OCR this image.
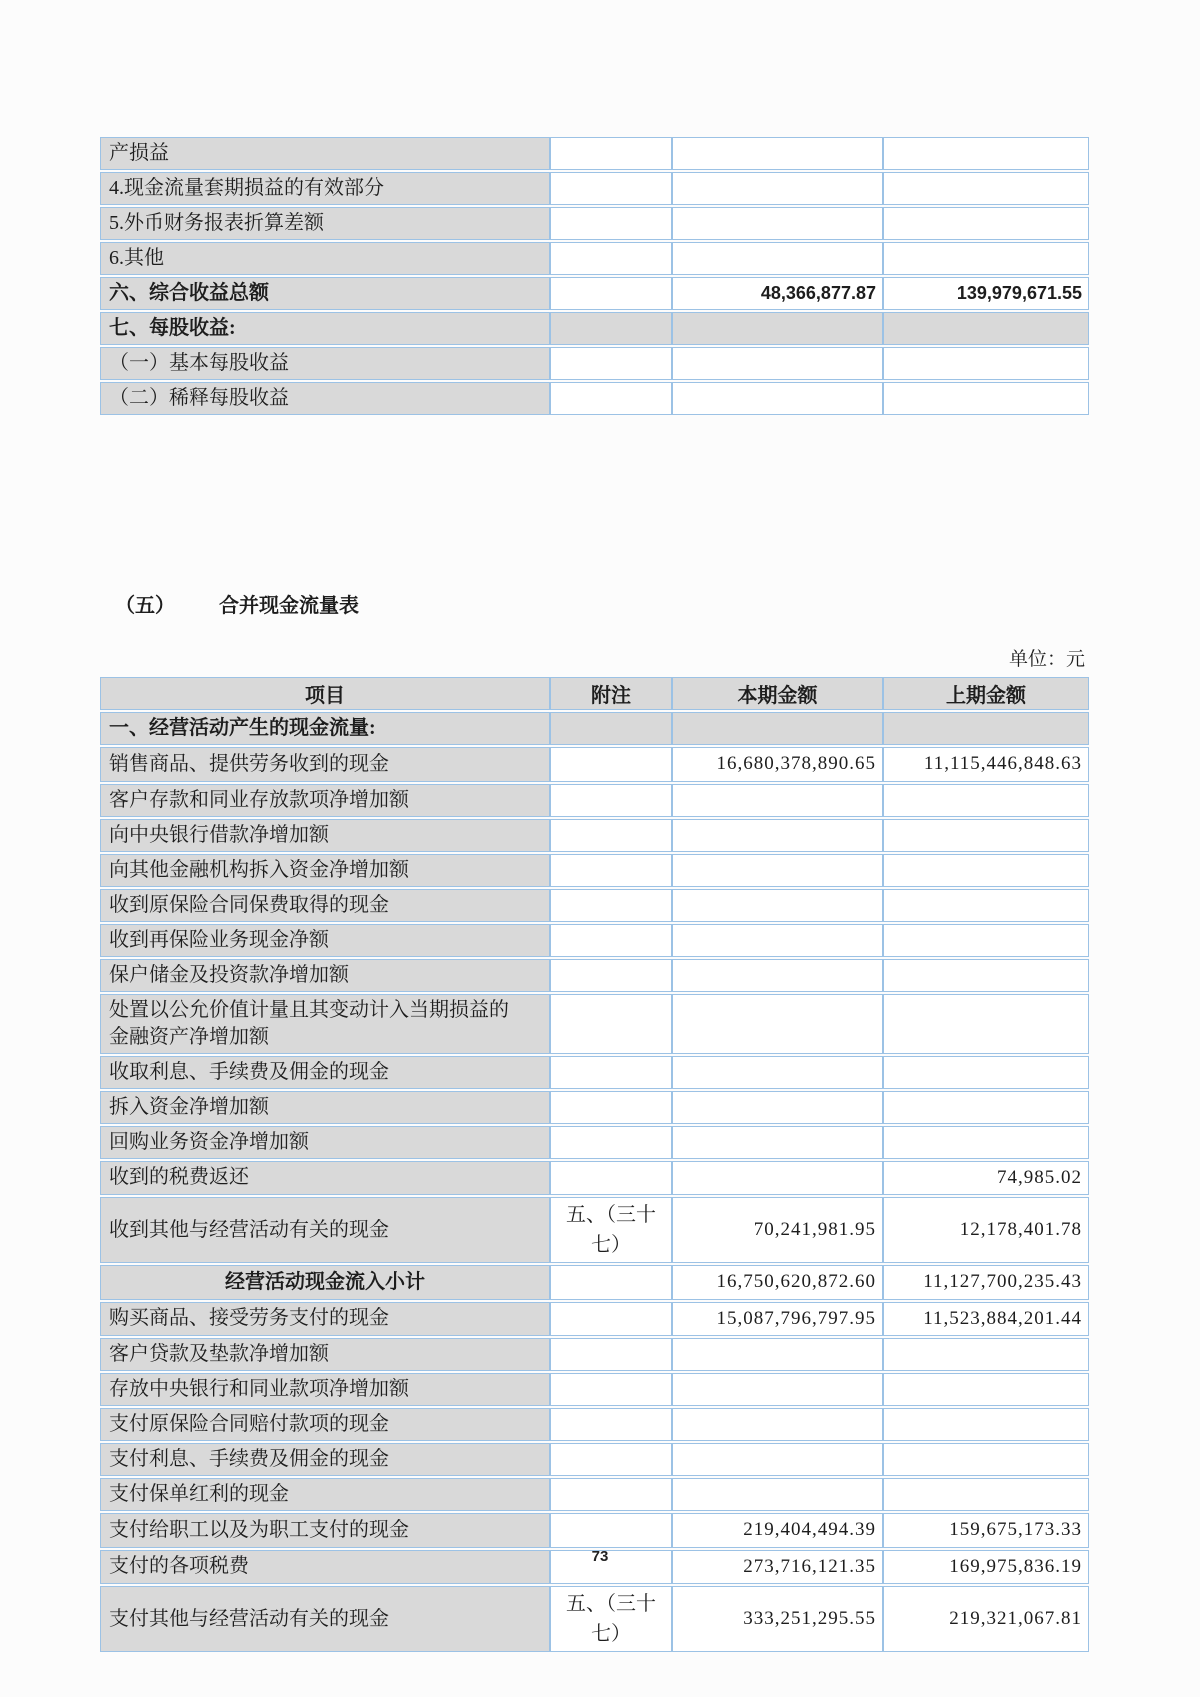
产损益			
4.现金流量套期损益的有效部分			
5.外币财务报表折算差额			
6.其他			
六、综合收益总额		48,366,877.87	139,979,671.55
七、每股收益:			
（一）基本每股收益			
（二）稀释每股收益			
（五） 合并现金流量表
单位：元
项目	附注	本期金额	上期金额
一、经营活动产生的现金流量:			
销售商品、提供劳务收到的现金		16,680,378,890.65	11,115,446,848.63
客户存款和同业存放款项净增加额			
向中央银行借款净增加额			
向其他金融机构拆入资金净增加额			
收到原保险合同保费取得的现金			
收到再保险业务现金净额			
保户储金及投资款净增加额			
处置以公允价值计量且其变动计入当期损益的金融资产净增加额			
收取利息、手续费及佣金的现金			
拆入资金净增加额			
回购业务资金净增加额			
收到的税费返还			74,985.02
收到其他与经营活动有关的现金	五、（三十七）	70,241,981.95	12,178,401.78
经营活动现金流入小计		16,750,620,872.60	11,127,700,235.43
购买商品、接受劳务支付的现金		15,087,796,797.95	11,523,884,201.44
客户贷款及垫款净增加额			
存放中央银行和同业款项净增加额			
支付原保险合同赔付款项的现金			
支付利息、手续费及佣金的现金			
支付保单红利的现金			
支付给职工以及为职工支付的现金		219,404,494.39	159,675,173.33
支付的各项税费		273,716,121.35	169,975,836.19
支付其他与经营活动有关的现金	五、（三十七）	333,251,295.55	219,321,067.81
73
